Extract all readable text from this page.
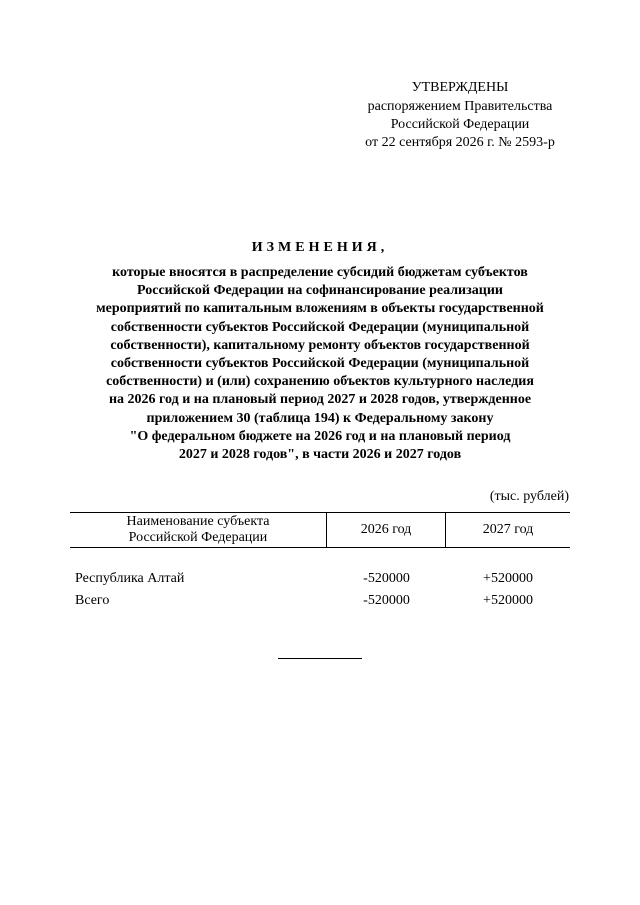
УТВЕРЖДЕНЫ
распоряжением Правительства
Российской Федерации
от 22 сентября 2026 г. № 2593-р
ИЗМЕНЕНИЯ,
которые вносятся в распределение субсидий бюджетам субъектов
Российской Федерации на софинансирование реализации
мероприятий по капитальным вложениям в объекты государственной
собственности субъектов Российской Федерации (муниципальной
собственности), капитальному ремонту объектов государственной
собственности субъектов Российской Федерации (муниципальной
собственности) и (или) сохранению объектов культурного наследия
на 2026 год и на плановый период 2027 и 2028 годов, утвержденное
приложением 30 (таблица 194) к Федеральному закону
"О федеральном бюджете на 2026 год и на плановый период
2027 и 2028 годов", в части 2026 и 2027 годов
(тыс. рублей)
Наименование субъекта
Российской Федерации
2026 год	2027 год
Республика Алтай	-520000	+520000
Всего	-520000	+520000
